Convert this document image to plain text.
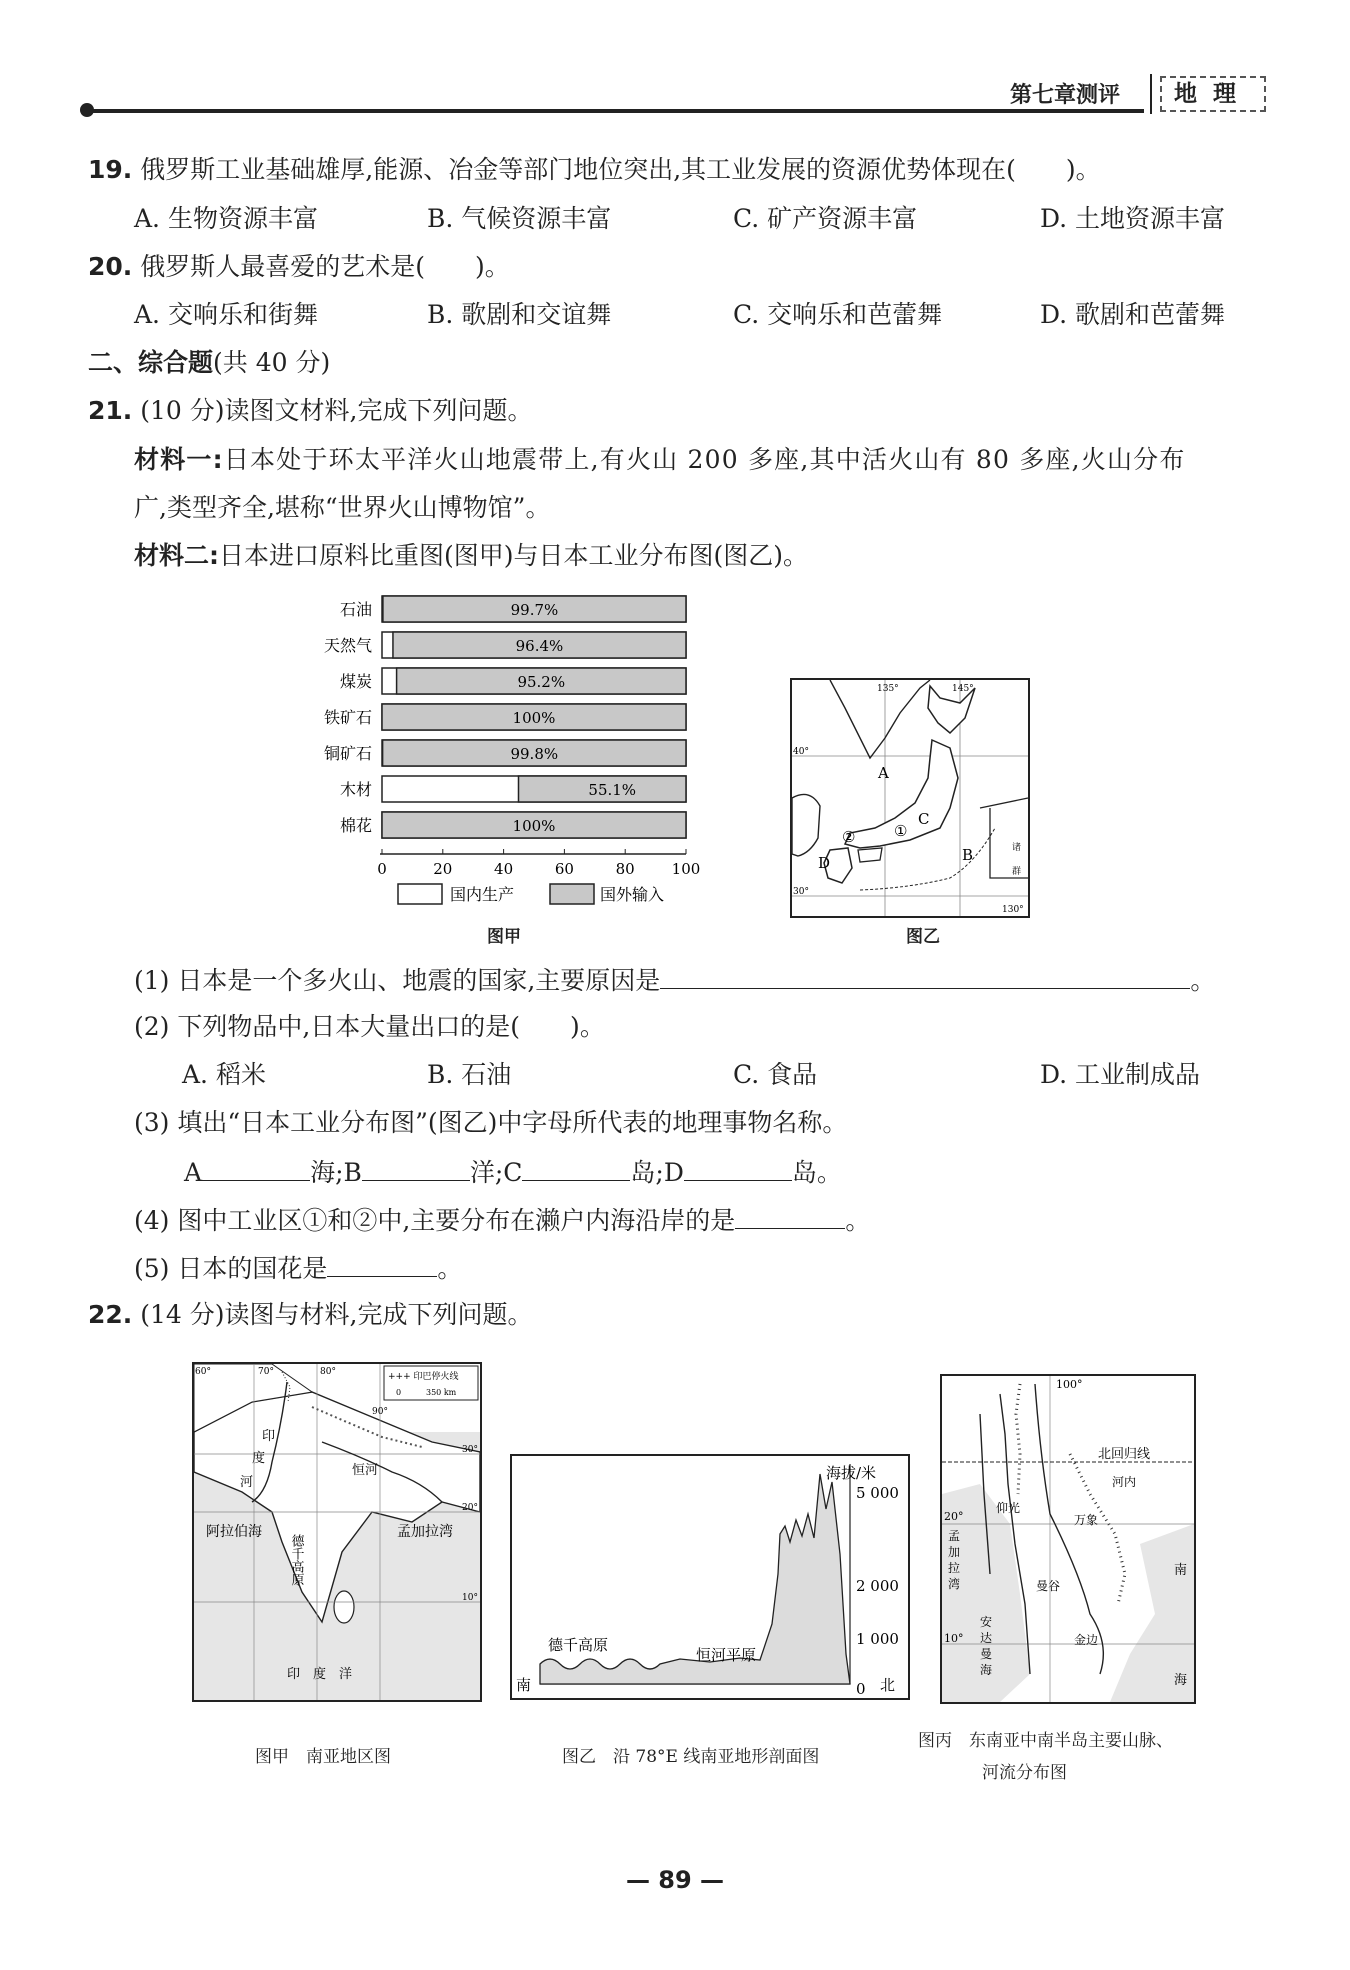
第七章测评	地理
19. 俄罗斯工业基础雄厚,能源、冶金等部门地位突出,其工业发展的资源优势体现在(　　)。
A. 生物资源丰富	B. 气候资源丰富	C. 矿产资源丰富	D. 土地资源丰富
20. 俄罗斯人最喜爱的艺术是(　　)。
A. 交响乐和街舞	B. 歌剧和交谊舞	C. 交响乐和芭蕾舞	D. 歌剧和芭蕾舞
二、综合题(共 40 分)
21. (10 分)读图文材料,完成下列问题。
材料一:日本处于环太平洋火山地震带上,有火山 200 多座,其中活火山有 80 多座,火山分布
广,类型齐全,堪称“世界火山博物馆”。
材料二:日本进口原料比重图(图甲)与日本工业分布图(图乙)。
石油	99.7%
天然气	96.4%
煤炭	95.2%
铁矿石	100%
铜矿石	99.8%
木材	55.1%
棉花	100%
0	20	40	60	80 100
国内生产	国外输入
图甲
135°	145°
40°
30°
130°
A
B
C
D
①
②
诸
群
图乙
(1) 日本是一个多火山、地震的国家,主要原因是	。
(2) 下列物品中,日本大量出口的是(　　)。
A. 稻米	B. 石油	C. 食品	D. 工业制成品
(3) 填出“日本工业分布图”(图乙)中字母所代表的地理事物名称。
A	海;B	洋;C	岛;D	岛。
(4) 图中工业区①和②中,主要分布在濑户内海沿岸的是	。
(5) 日本的国花是	。
22. (14 分)读图与材料,完成下列问题。
+++ 印巴停火线
0	350 km
60°	70°	80°
90°
30°
20°
10°
阿拉伯海	孟加拉湾
德千高原
印　度　洋
印
度
河
恒河
图甲　南亚地区图
海拔/米
5 000
2 000
1 000
0
南	北
德千高原
恒河平原
图乙　沿 78°E 线南亚地形剖面图
100°
北回归线
20°
10°
河内
万象
仰光
曼谷
金边
南
海
孟
加
拉
湾
安
达
曼
海
图丙　东南亚中南半岛主要山脉、
河流分布图
— 89 —
